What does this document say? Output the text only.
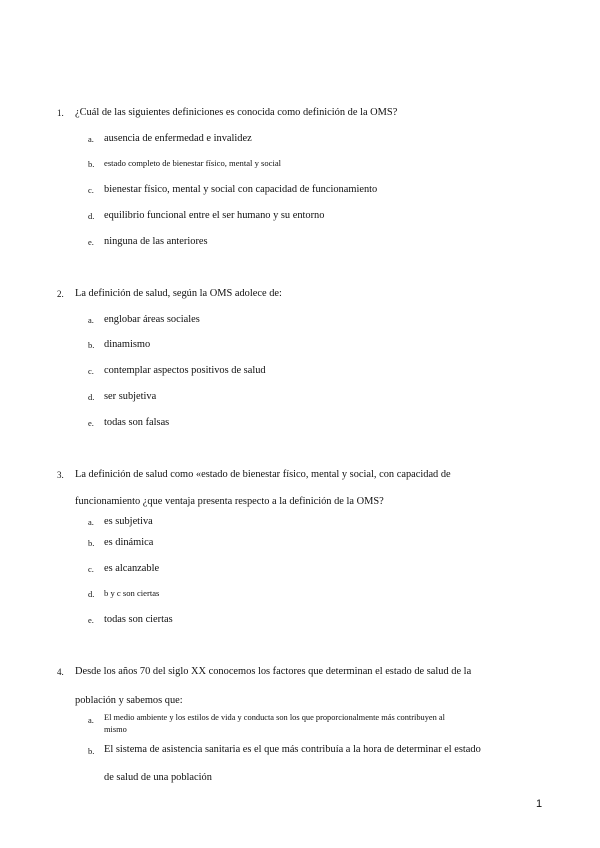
1. ¿Cuál de las siguientes definiciones es conocida como definición de la OMS?
a. ausencia de enfermedad e invalidez
b. estado completo de bienestar físico, mental y social
c. bienestar físico, mental y social con capacidad de funcionamiento
d. equilibrio funcional entre el ser humano y su entorno
e. ninguna de las anteriores
2. La definición de salud, según la OMS adolece de:
a. englobar áreas sociales
b. dinamismo
c. contemplar aspectos positivos de salud
d. ser subjetiva
e. todas son falsas
3. La definición de salud como «estado de bienestar físico, mental y social, con capacidad de
funcionamiento ¿que ventaja presenta respecto a la definición de la OMS?
a. es subjetiva
b. es dinámica
c. es alcanzable
d. b y c son ciertas
e. todas son ciertas
4. Desde los años 70 del siglo XX conocemos los factores que determinan el estado de salud de la
población y sabemos que:
a. El medio ambiente y los estilos de vida y conducta son los que proporcionalmente más contribuyen al
mismo
b. El sistema de asistencia sanitaria es el que más contribuía a la hora de determinar el estado
de salud de una población
1
